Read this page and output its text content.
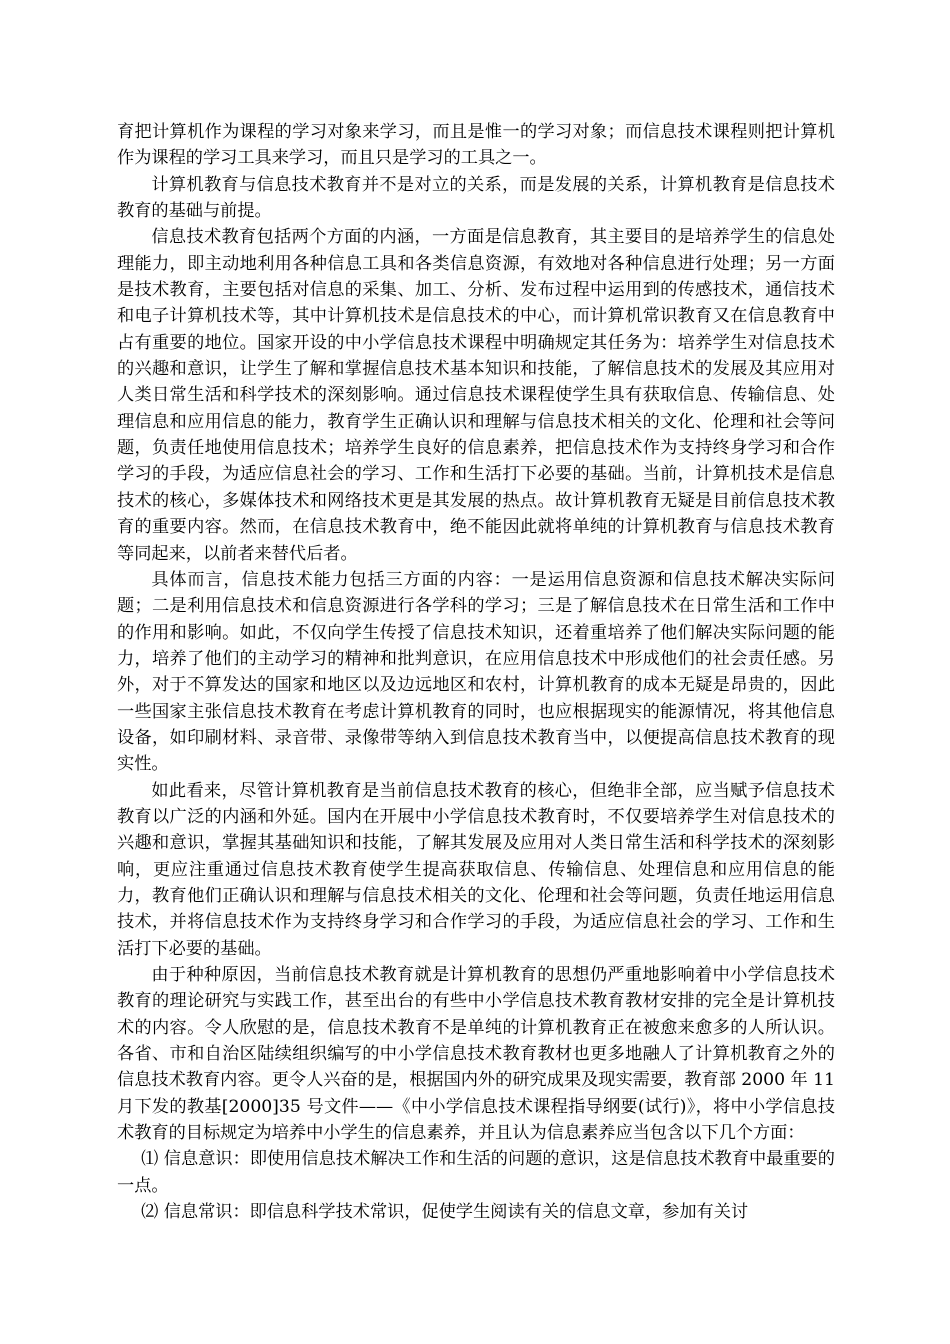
育把计算机作为课程的学习对象来学习，而且是惟一的学习对象；而信息技术课程则把计算机作为课程的学习工具来学习，而且只是学习的工具之一。

计算机教育与信息技术教育并不是对立的关系，而是发展的关系，计算机教育是信息技术教育的基础与前提。

信息技术教育包括两个方面的内涵，一方面是信息教育，其主要目的是培养学生的信息处理能力，即主动地利用各种信息工具和各类信息资源，有效地对各种信息进行处理；另一方面是技术教育，主要包括对信息的采集、加工、分析、发布过程中运用到的传感技术，通信技术和电子计算机技术等，其中计算机技术是信息技术的中心，而计算机常识教育又在信息教育中占有重要的地位。国家开设的中小学信息技术课程中明确规定其任务为：培养学生对信息技术的兴趣和意识，让学生了解和掌握信息技术基本知识和技能，了解信息技术的发展及其应用对人类日常生活和科学技术的深刻影响。通过信息技术课程使学生具有获取信息、传输信息、处理信息和应用信息的能力，教育学生正确认识和理解与信息技术相关的文化、伦理和社会等问题，负责任地使用信息技术；培养学生良好的信息素养，把信息技术作为支持终身学习和合作学习的手段，为适应信息社会的学习、工作和生活打下必要的基础。当前，计算机技术是信息技术的核心，多媒体技术和网络技术更是其发展的热点。故计算机教育无疑是目前信息技术教育的重要内容。然而，在信息技术教育中，绝不能因此就将单纯的计算机教育与信息技术教育等同起来，以前者来替代后者。

具体而言，信息技术能力包括三方面的内容：一是运用信息资源和信息技术解决实际问题；二是利用信息技术和信息资源进行各学科的学习；三是了解信息技术在日常生活和工作中的作用和影响。如此，不仅向学生传授了信息技术知识，还着重培养了他们解决实际问题的能力，培养了他们的主动学习的精神和批判意识，在应用信息技术中形成他们的社会责任感。另外，对于不算发达的国家和地区以及边远地区和农村，计算机教育的成本无疑是昂贵的，因此一些国家主张信息技术教育在考虑计算机教育的同时，也应根据现实的能源情况，将其他信息设备，如印刷材料、录音带、录像带等纳入到信息技术教育当中，以便提高信息技术教育的现实性。

如此看来，尽管计算机教育是当前信息技术教育的核心，但绝非全部，应当赋予信息技术教育以广泛的内涵和外延。国内在开展中小学信息技术教育时，不仅要培养学生对信息技术的兴趣和意识，掌握其基础知识和技能，了解其发展及应用对人类日常生活和科学技术的深刻影响，更应注重通过信息技术教育使学生提高获取信息、传输信息、处理信息和应用信息的能力，教育他们正确认识和理解与信息技术相关的文化、伦理和社会等问题，负责任地运用信息技术，并将信息技术作为支持终身学习和合作学习的手段，为适应信息社会的学习、工作和生活打下必要的基础。

由于种种原因，当前信息技术教育就是计算机教育的思想仍严重地影响着中小学信息技术教育的理论研究与实践工作，甚至出台的有些中小学信息技术教育教材安排的完全是计算机技术的内容。令人欣慰的是，信息技术教育不是单纯的计算机教育正在被愈来愈多的人所认识。各省、市和自治区陆续组织编写的中小学信息技术教育教材也更多地融人了计算机教育之外的信息技术教育内容。更令人兴奋的是，根据国内外的研究成果及现实需要，教育部 2000 年 11 月下发的教基[2000]35 号文件——《中小学信息技术课程指导纲要(试行)》，将中小学信息技术教育的目标规定为培养中小学生的信息素养，并且认为信息素养应当包含以下几个方面：

⑴ 信息意识：即使用信息技术解决工作和生活的问题的意识，这是信息技术教育中最重要的一点。

⑵ 信息常识：即信息科学技术常识，促使学生阅读有关的信息文章，参加有关讨
